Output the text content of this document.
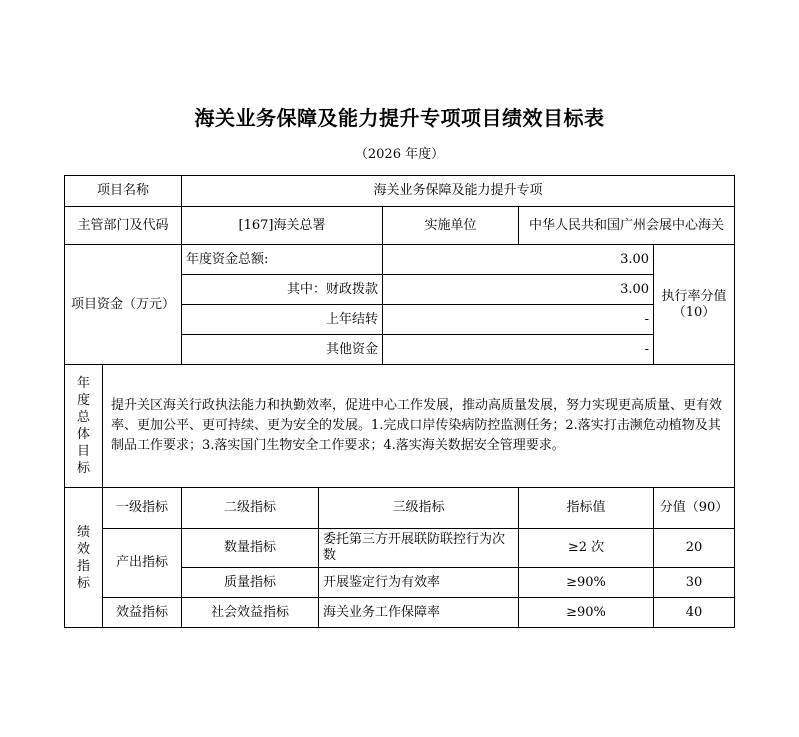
海关业务保障及能力提升专项项目绩效目标表
（2026 年度）
项目名称		海关业务保障及能力提升专项				
主管部门及代码		[167]海关总署		实施单位	中华人民共和国广州会展中心海关	
项目资金（万元）		年度资金总额:		3.00		执行率分值（10）
		其中：财政拨款		3.00		
		上年结转		-		
		其他资金		-		

年度总体目标	提升关区海关行政执法能力和执勤效率，促进中心工作发展，推动高质量发展，努力实现更高质量、更有效率、更加公平、更可持续、更为安全的发展。1.完成口岸传染病防控监测任务；2.落实打击濒危动植物及其制品工作要求；3.落实国门生物安全工作要求；4.落实海关数据安全管理要求。					

绩效指标	一级指标	二级指标	三级指标		指标值	分值（90）
	产出指标	数量指标	委托第三方开展联防联控行为次数		≥2 次	20
		质量指标	开展鉴定行为有效率		≥90%	30
	效益指标	社会效益指标	海关业务工作保障率		≥90%	40
